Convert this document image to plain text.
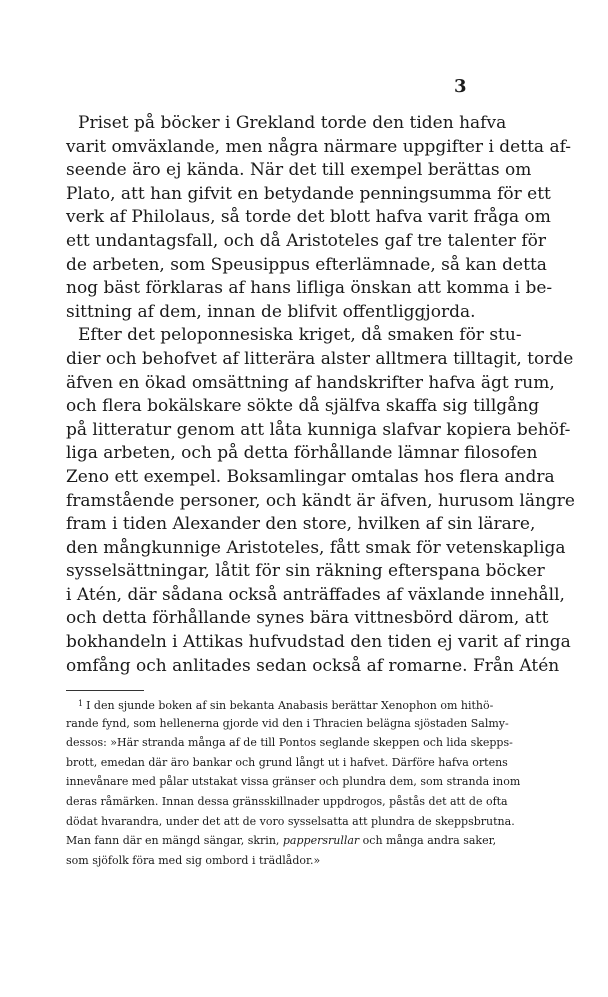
3
Priset på böcker i Grekland torde den tiden hafva
varit omväxlande, men några närmare uppgifter i detta af-
seende äro ej kända. När det till exempel berättas om
Plato, att han gifvit en betydande penningsumma för ett
verk af Philolaus, så torde det blott hafva varit fråga om
ett undantagsfall, och då Aristoteles gaf tre talenter för
de arbeten, som Speusippus efterlämnade, så kan detta
nog bäst förklaras af hans lifliga önskan att komma i be-
sittning af dem, innan de blifvit offentliggjorda.
Efter det peloponnesiska kriget, då smaken för stu-
dier och behofvet af litterära alster alltmera tilltagit, torde
äfven en ökad omsättning af handskrifter hafva ägt rum,
och flera bokälskare sökte då själfva skaffa sig tillgång
på litteratur genom att låta kunniga slafvar kopiera behöf-
liga arbeten, och på detta förhållande lämnar filosofen
Zeno ett exempel. Boksamlingar omtalas hos flera andra
framstående personer, och kändt är äfven, hurusom längre
fram i tiden Alexander den store, hvilken af sin lärare,
den mångkunnige Aristoteles, fått smak för vetenskapliga
sysselsättningar, låtit för sin räkning efterspana böcker
i Atén, där sådana också anträffades af växlande innehåll,
och detta förhållande synes bära vittnesbörd därom, att
bokhandeln i Attikas hufvudstad den tiden ej varit af ringa
omfång och anlitades sedan också af romarne. Från Atén
$^1$ I den sjunde boken af sin bekanta Anabasis berättar Xenophon om hithö-
rande fynd, som hellenerna gjorde vid den i Thracien belägna sjöstaden Salmy-
dessos: »Här stranda många af de till Pontos seglande skeppen och lida skepps-
brott, emedan där äro bankar och grund långt ut i hafvet. Därföre hafva ortens
innevånare med pålar utstakat vissa gränser och plundra dem, som stranda inom
deras råmärken. Innan dessa gränsskillnader uppdrogos, påstås det att de ofta
dödat hvarandra, under det att de voro sysselsatta att plundra de skeppsbrutna.
Man fann där en mängd sängar, skrin, pappersrullar och många andra saker,
som sjöfolk föra med sig ombord i trädlådor.»
